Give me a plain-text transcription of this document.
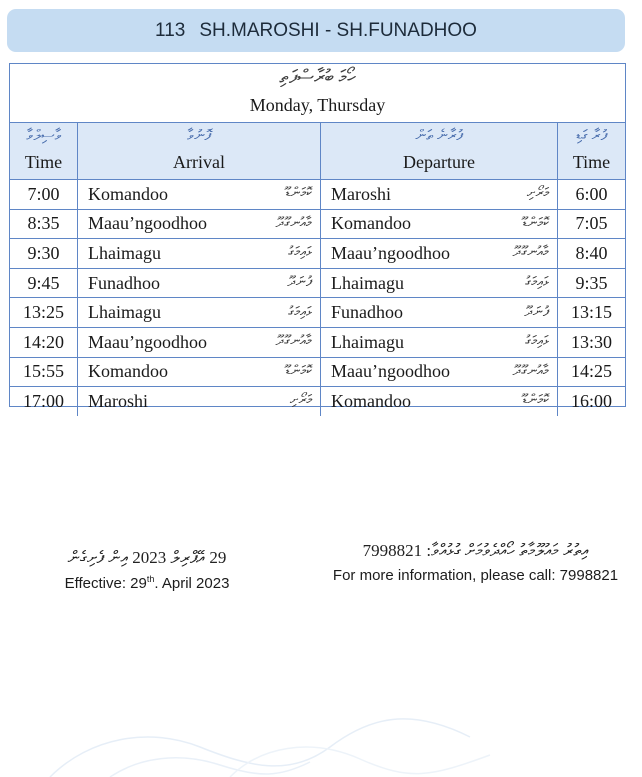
113 SH.MAROSHI - SH.FUNADHOO
ހޯމަ ބުރާސްފަތި
Monday, Thursday
ވާސިލްވާ
Time
ފޮނުވާ
Arrival
ފުރާނެ ތަން
Departure
ފުރާ ގަޑި
Time
7:00 Komandoo	ކޮމަންޑޫ Maroshi	މަރޯށި 6:00
8:35 Maau’ngoodhoo	މާއުނގޫދޫ Komandoo	ކޮމަންޑޫ 7:05
9:30 Lhaimagu	ޅައިމަގު Maau’ngoodhoo	މާއުނގޫދޫ 8:40
9:45 Funadhoo	ފުނަދޫ Lhaimagu	ޅައިމަގު 9:35
13:25 Lhaimagu	ޅައިމަގު Funadhoo	ފުނަދޫ 13:15
14:20 Maau’ngoodhoo	މާއުނގޫދޫ Lhaimagu	ޅައިމަގު 13:30
15:55 Komandoo	ކޮމަންޑޫ Maau’ngoodhoo	މާއުނގޫދޫ 14:25
17:00 Maroshi	މަރޯށި Komandoo	ކޮމަންޑޫ 16:00
29 އޭޕްރިލް 2023 އިން ފެށިގެން
Effective: 29th. April 2023
އިތުރު މައުލޫމާތު ހޯއްދެވުމަށް ގުޅުއްވާ: 7998821
For more information, please call: 7998821
